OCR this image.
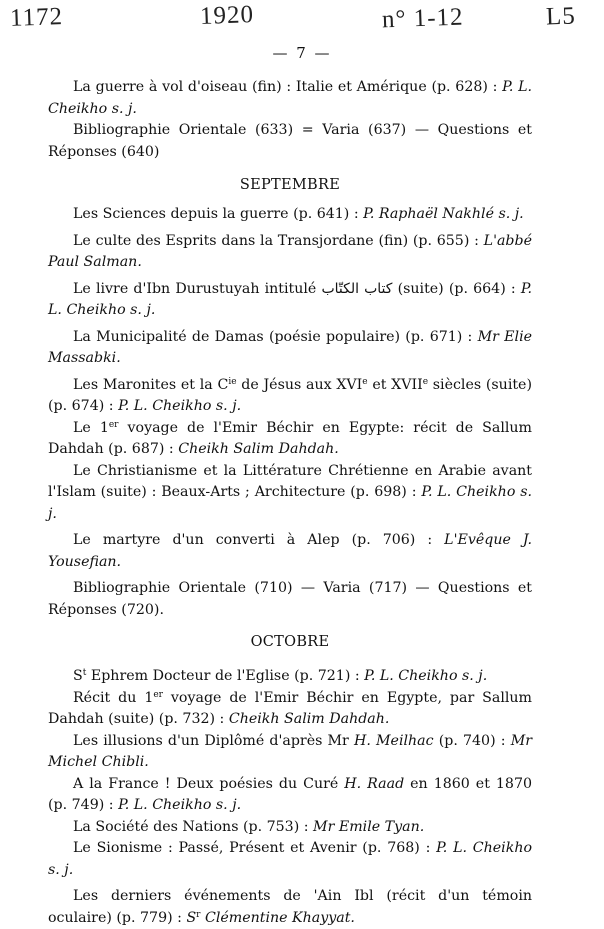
1172	1920	n° 1-12	L5
— 7 —

La guerre à vol d'oiseau (fin) : Italie et Amérique (p. 628) : P. L. Cheikho s. j.

Bibliographie Orientale (633) = Varia (637) — Questions et Réponses (640)

SEPTEMBRE

Les Sciences depuis la guerre (p. 641) : P. Raphaël Nakhlé s. j.

Le culte des Esprits dans la Transjordane (fin) (p. 655) : L'abbé Paul Salman.

Le livre d'Ibn Durustuyah intitulé كتاب الكتّاب (suite) (p. 664) : P. L. Cheikho s. j.

La Municipalité de Damas (poésie populaire) (p. 671) : Mr Elie Massabki.

Les Maronites et la $C^{ie}$ de Jésus aux XVIe et XVIIe siècles (suite) (p. 674) : P. L. Cheikho s. j.

Le 1er voyage de l'Emir Béchir en Egypte: récit de Sallum Dahdah (p. 687) : Cheikh Salim Dahdah.

Le Christianisme et la Littérature Chrétienne en Arabie avant l'Islam (suite) : Beaux-Arts ; Architecture (p. 698) : P. L. Cheikho s. j.

Le martyre d'un converti à Alep (p. 706) : L'Evêque J. Yousefian.

Bibliographie Orientale (710) — Varia (717) — Questions et Réponses (720).

OCTOBRE

$S^t$ Ephrem Docteur de l'Eglise (p. 721) : P. L. Cheikho s. j.

Récit du 1er voyage de l'Emir Béchir en Egypte, par Sallum Dahdah (suite) (p. 732) : Cheikh Salim Dahdah.

Les illusions d'un Diplômé d'après Mr H. Meilhac (p. 740) : Mr Michel Chibli.

A la France ! Deux poésies du Curé H. Raad en 1860 et 1870 (p. 749) : P. L. Cheikho s. j.

La Société des Nations (p. 753) : Mr Emile Tyan.

Le Sionisme : Passé, Présent et Avenir (p. 768) : P. L. Cheikho s. j.

Les derniers événements de 'Ain Ibl (récit d'un témoin oculaire) (p. 779) : $S^r$ Clémentine Khayyat.
